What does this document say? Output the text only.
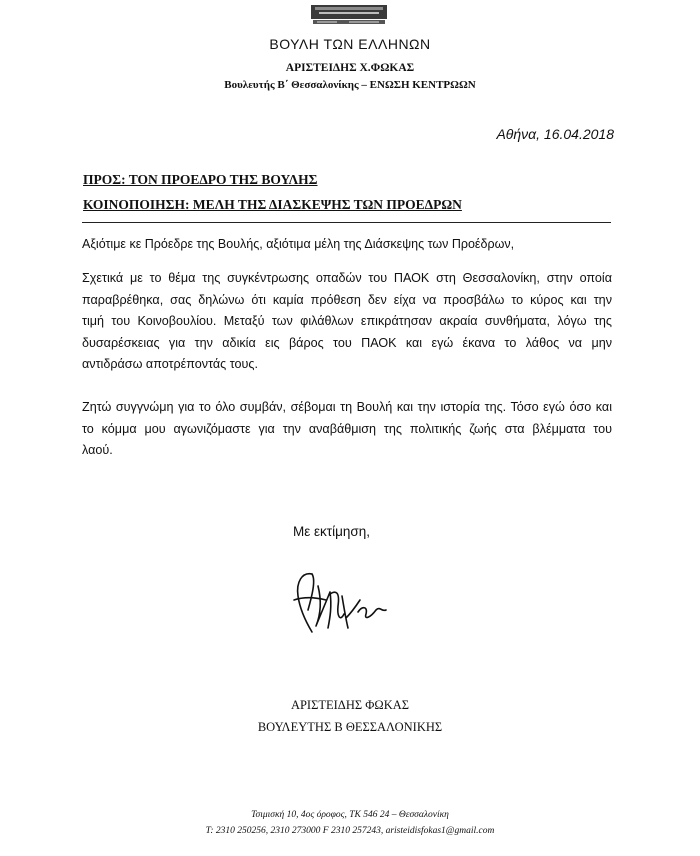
ΒΟΥΛΗ ΤΩΝ ΕΛΛΗΝΩΝ
ΑΡΙΣΤΕΙΔΗΣ Χ.ΦΩΚΑΣ
Βουλευτής Β΄ Θεσσαλονίκης – ΕΝΩΣΗ ΚΕΝΤΡΩΩΝ
Αθήνα, 16.04.2018
ΠΡΟΣ: ΤΟΝ ΠΡΟΕΔΡΟ ΤΗΣ ΒΟΥΛΗΣ
ΚΟΙΝΟΠΟΙΗΣΗ: ΜΕΛΗ ΤΗΣ ΔΙΑΣΚΕΨΗΣ ΤΩΝ ΠΡΟΕΔΡΩΝ
Αξιότιμε κε Πρόεδρε της Βουλής, αξιότιμα μέλη της Διάσκεψης των Προέδρων,
Σχετικά με το θέμα της συγκέντρωσης οπαδών του ΠΑΟΚ στη Θεσσαλονίκη, στην οποία
παραβρέθηκα, σας δηλώνω ότι καμία πρόθεση δεν είχα να προσβάλω το κύρος και την
τιμή του Κοινοβουλίου. Μεταξύ των φιλάθλων επικράτησαν ακραία συνθήματα, λόγω της
δυσαρέσκειας για την αδικία εις βάρος του ΠΑΟΚ και εγώ έκανα το λάθος να μην
αντιδράσω αποτρέποντάς τους.
Ζητώ συγγνώμη για το όλο συμβάν, σέβομαι τη Βουλή και την ιστορία της. Τόσο εγώ όσο και
το κόμμα μου αγωνιζόμαστε για την αναβάθμιση της πολιτικής ζωής στα βλέμματα του
λαού.
Με εκτίμηση,
ΑΡΙΣΤΕΙΔΗΣ ΦΩΚΑΣ
ΒΟΥΛΕΥΤΗΣ Β ΘΕΣΣΑΛΟΝΙΚΗΣ
Τσιμισκή 10, 4ος όροφος, ΤΚ 546 24 – Θεσσαλονίκη
Τ: 2310 250256, 2310 273000 F 2310 257243, aristeidisfokas1@gmail.com
